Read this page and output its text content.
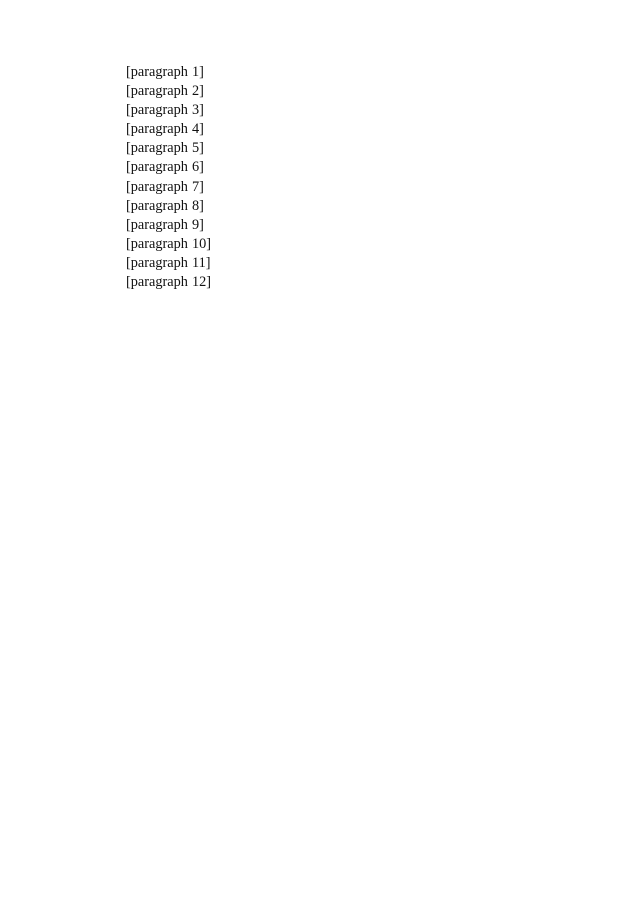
[paragraph 1]

[paragraph 2]

[paragraph 3]

[paragraph 4]

[paragraph 5]

[paragraph 6]

[paragraph 7]

[paragraph 8]

[paragraph 9]

[paragraph 10]

[paragraph 11]

[paragraph 12]
